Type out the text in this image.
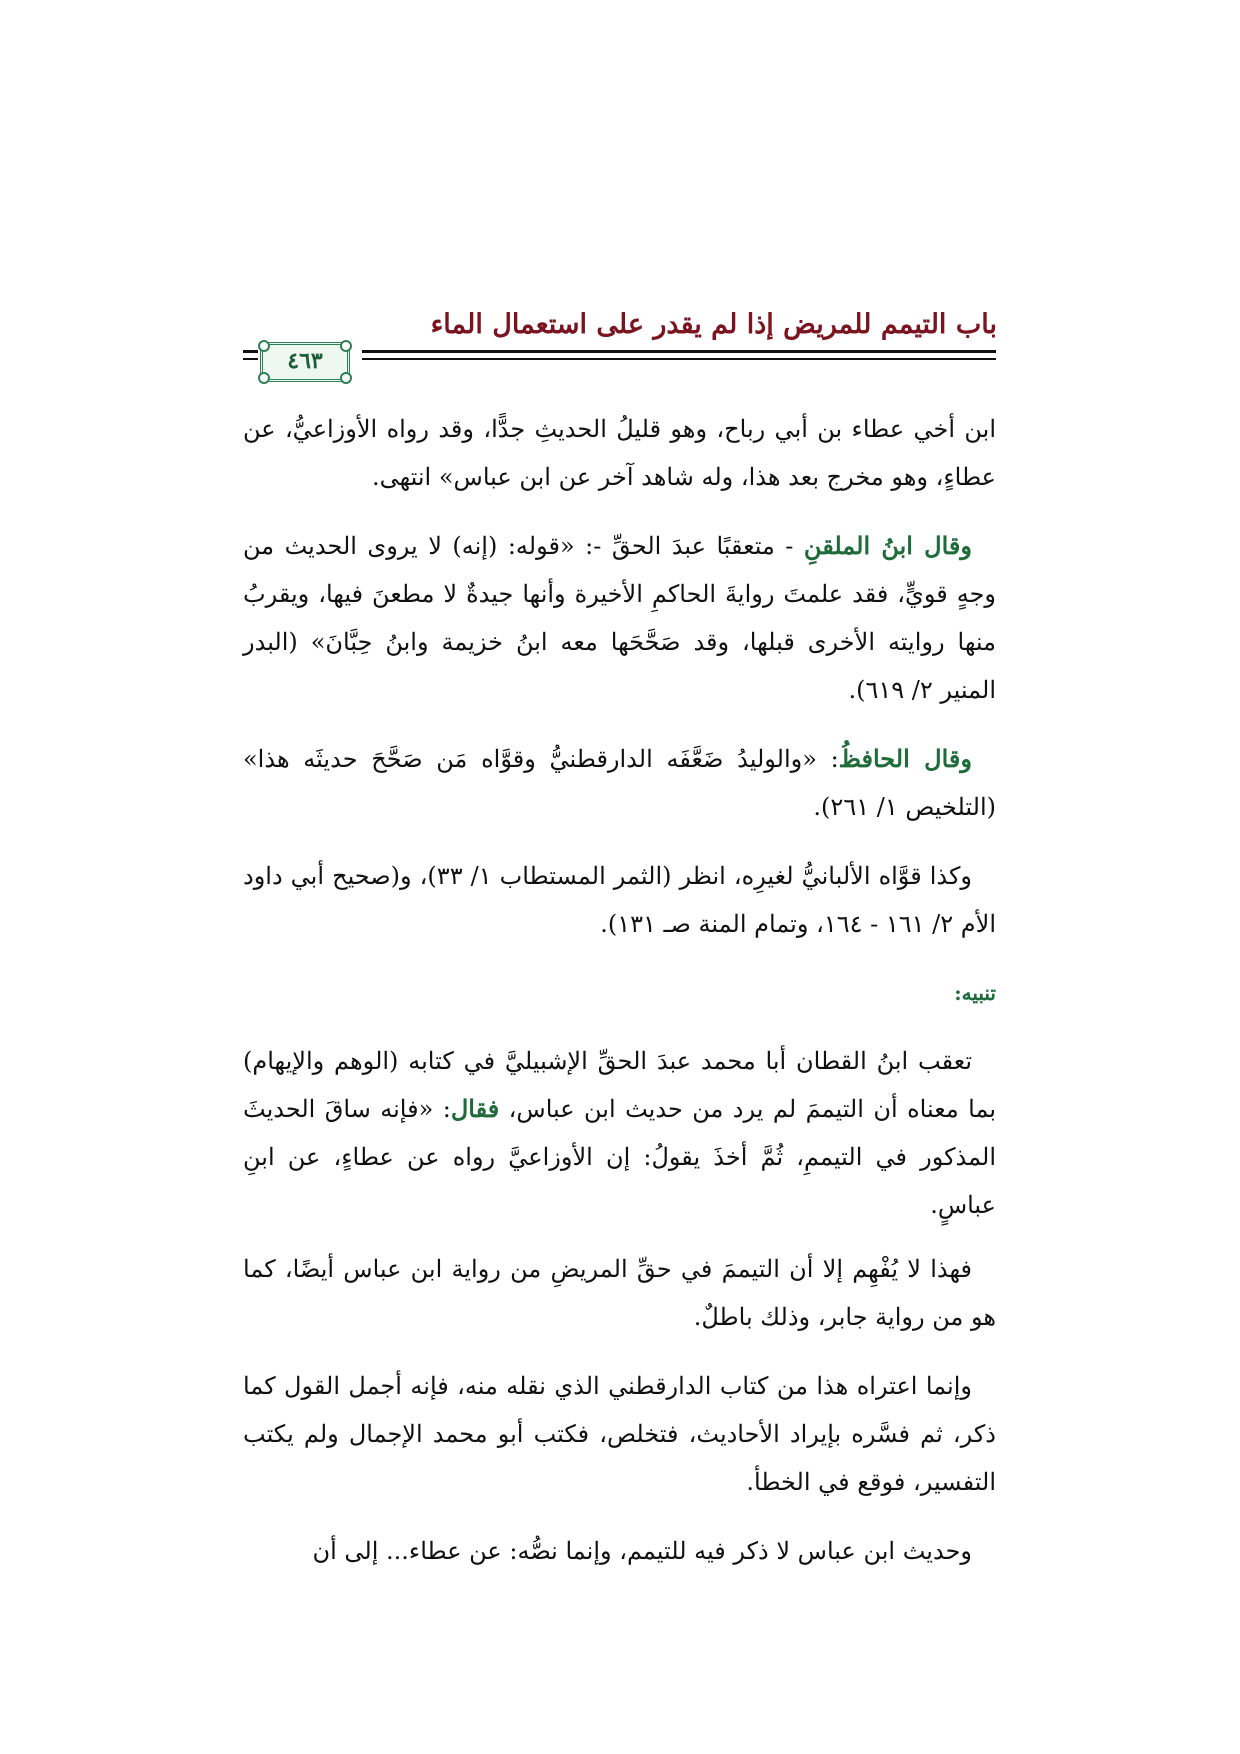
باب التيمم للمريض إذا لم يقدر على استعمال الماء
٤٦٣

ابن أخي عطاء بن أبي رباح، وهو قليلُ الحديثِ جدًّا، وقد رواه الأوزاعيُّ، عن عطاءٍ، وهو مخرج بعد هذا، وله شاهد آخر عن ابن عباس» انتهى.

وقال ابنُ الملقنِ - متعقبًا عبدَ الحقِّ -: «قوله: (إنه) لا يروى الحديث من وجهٍ قويٍّ، فقد علمتَ روايةَ الحاكمِ الأخيرة وأنها جيدةٌ لا مطعنَ فيها، ويقربُ منها روايته الأخرى قبلها، وقد صَحَّحَها معه ابنُ خزيمة وابنُ حِبَّانَ» (البدر المنير ٢/ ٦١٩).

وقال الحافظُ: «والوليدُ ضَعَّفَه الدارقطنيُّ وقوَّاه مَن صَحَّحَ حديثَه هذا» (التلخيص ١/ ٢٦١).

وكذا قوَّاه الألبانيُّ لغيرِه، انظر (الثمر المستطاب ١/ ٣٣)، و(صحيح أبي داود الأم ٢/ ١٦١ - ١٦٤، وتمام المنة صـ ١٣١).

تنبيه:

تعقب ابنُ القطان أبا محمد عبدَ الحقِّ الإشبيليَّ في كتابه (الوهم والإيهام) بما معناه أن التيممَ لم يرد من حديث ابن عباس، فقال: «فإنه ساقَ الحديثَ المذكور في التيممِ، ثُمَّ أخذَ يقولُ: إن الأوزاعيَّ رواه عن عطاءٍ، عن ابنِ عباسٍ.

فهذا لا يُفْهِم إلا أن التيممَ في حقِّ المريضِ من رواية ابن عباس أيضًا، كما هو من رواية جابر، وذلك باطلٌ.

وإنما اعتراه هذا من كتاب الدارقطني الذي نقله منه، فإنه أجمل القول كما ذكر، ثم فسَّره بإيراد الأحاديث، فتخلص، فكتب أبو محمد الإجمال ولم يكتب التفسير، فوقع في الخطأ.

وحديث ابن عباس لا ذكر فيه للتيمم، وإنما نصُّه: عن عطاء... إلى أن
